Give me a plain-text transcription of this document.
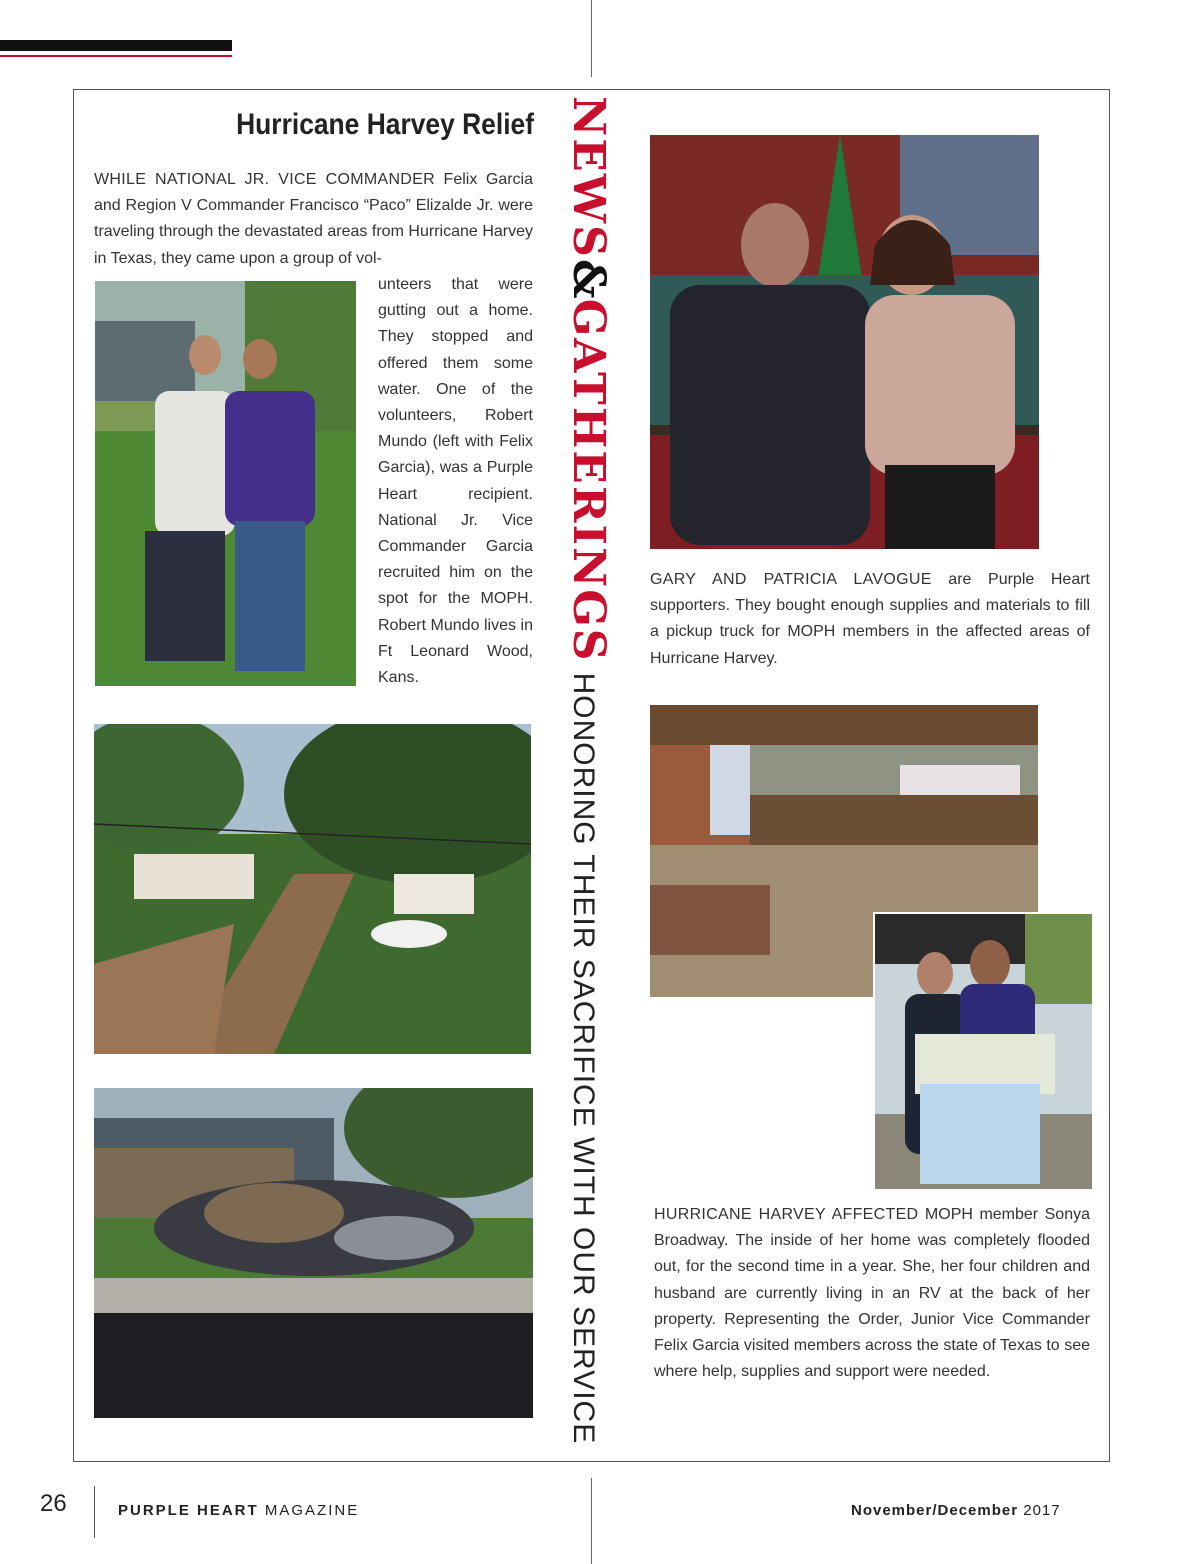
Hurricane Harvey Relief
WHILE NATIONAL JR. VICE COMMANDER Felix Garcia and Region V Commander Francisco “Paco” Elizalde Jr. were traveling through the devastated areas from Hurricane Harvey in Texas, they came upon a group of vol-
unteers that were gutting out a home. They stopped and offered them some water. One of the volunteers, Robert Mundo (left with Felix Garcia), was a Purple Heart recipient. National Jr. Vice Commander Garcia recruited him on the spot for the MOPH. Robert Mundo lives in Ft Leonard Wood, Kans.
NEWS&GATHERINGSHONORING THEIR SACRIFICE WITH OUR SERVICE
GARY AND PATRICIA LAVOGUE are Purple Heart supporters. They bought enough supplies and materials to fill a pickup truck for MOPH members in the affected areas of Hurricane Harvey.
HURRICANE HARVEY AFFECTED MOPH member Sonya Broadway. The inside of her home was completely flooded out, for the second time in a year. She, her four children and husband are currently living in an RV at the back of her property. Representing the Order, Junior Vice Commander Felix Garcia visited members across the state of Texas to see where help, supplies and support were needed.
26	PURPLE HEART MAGAZINE	November/December 2017
